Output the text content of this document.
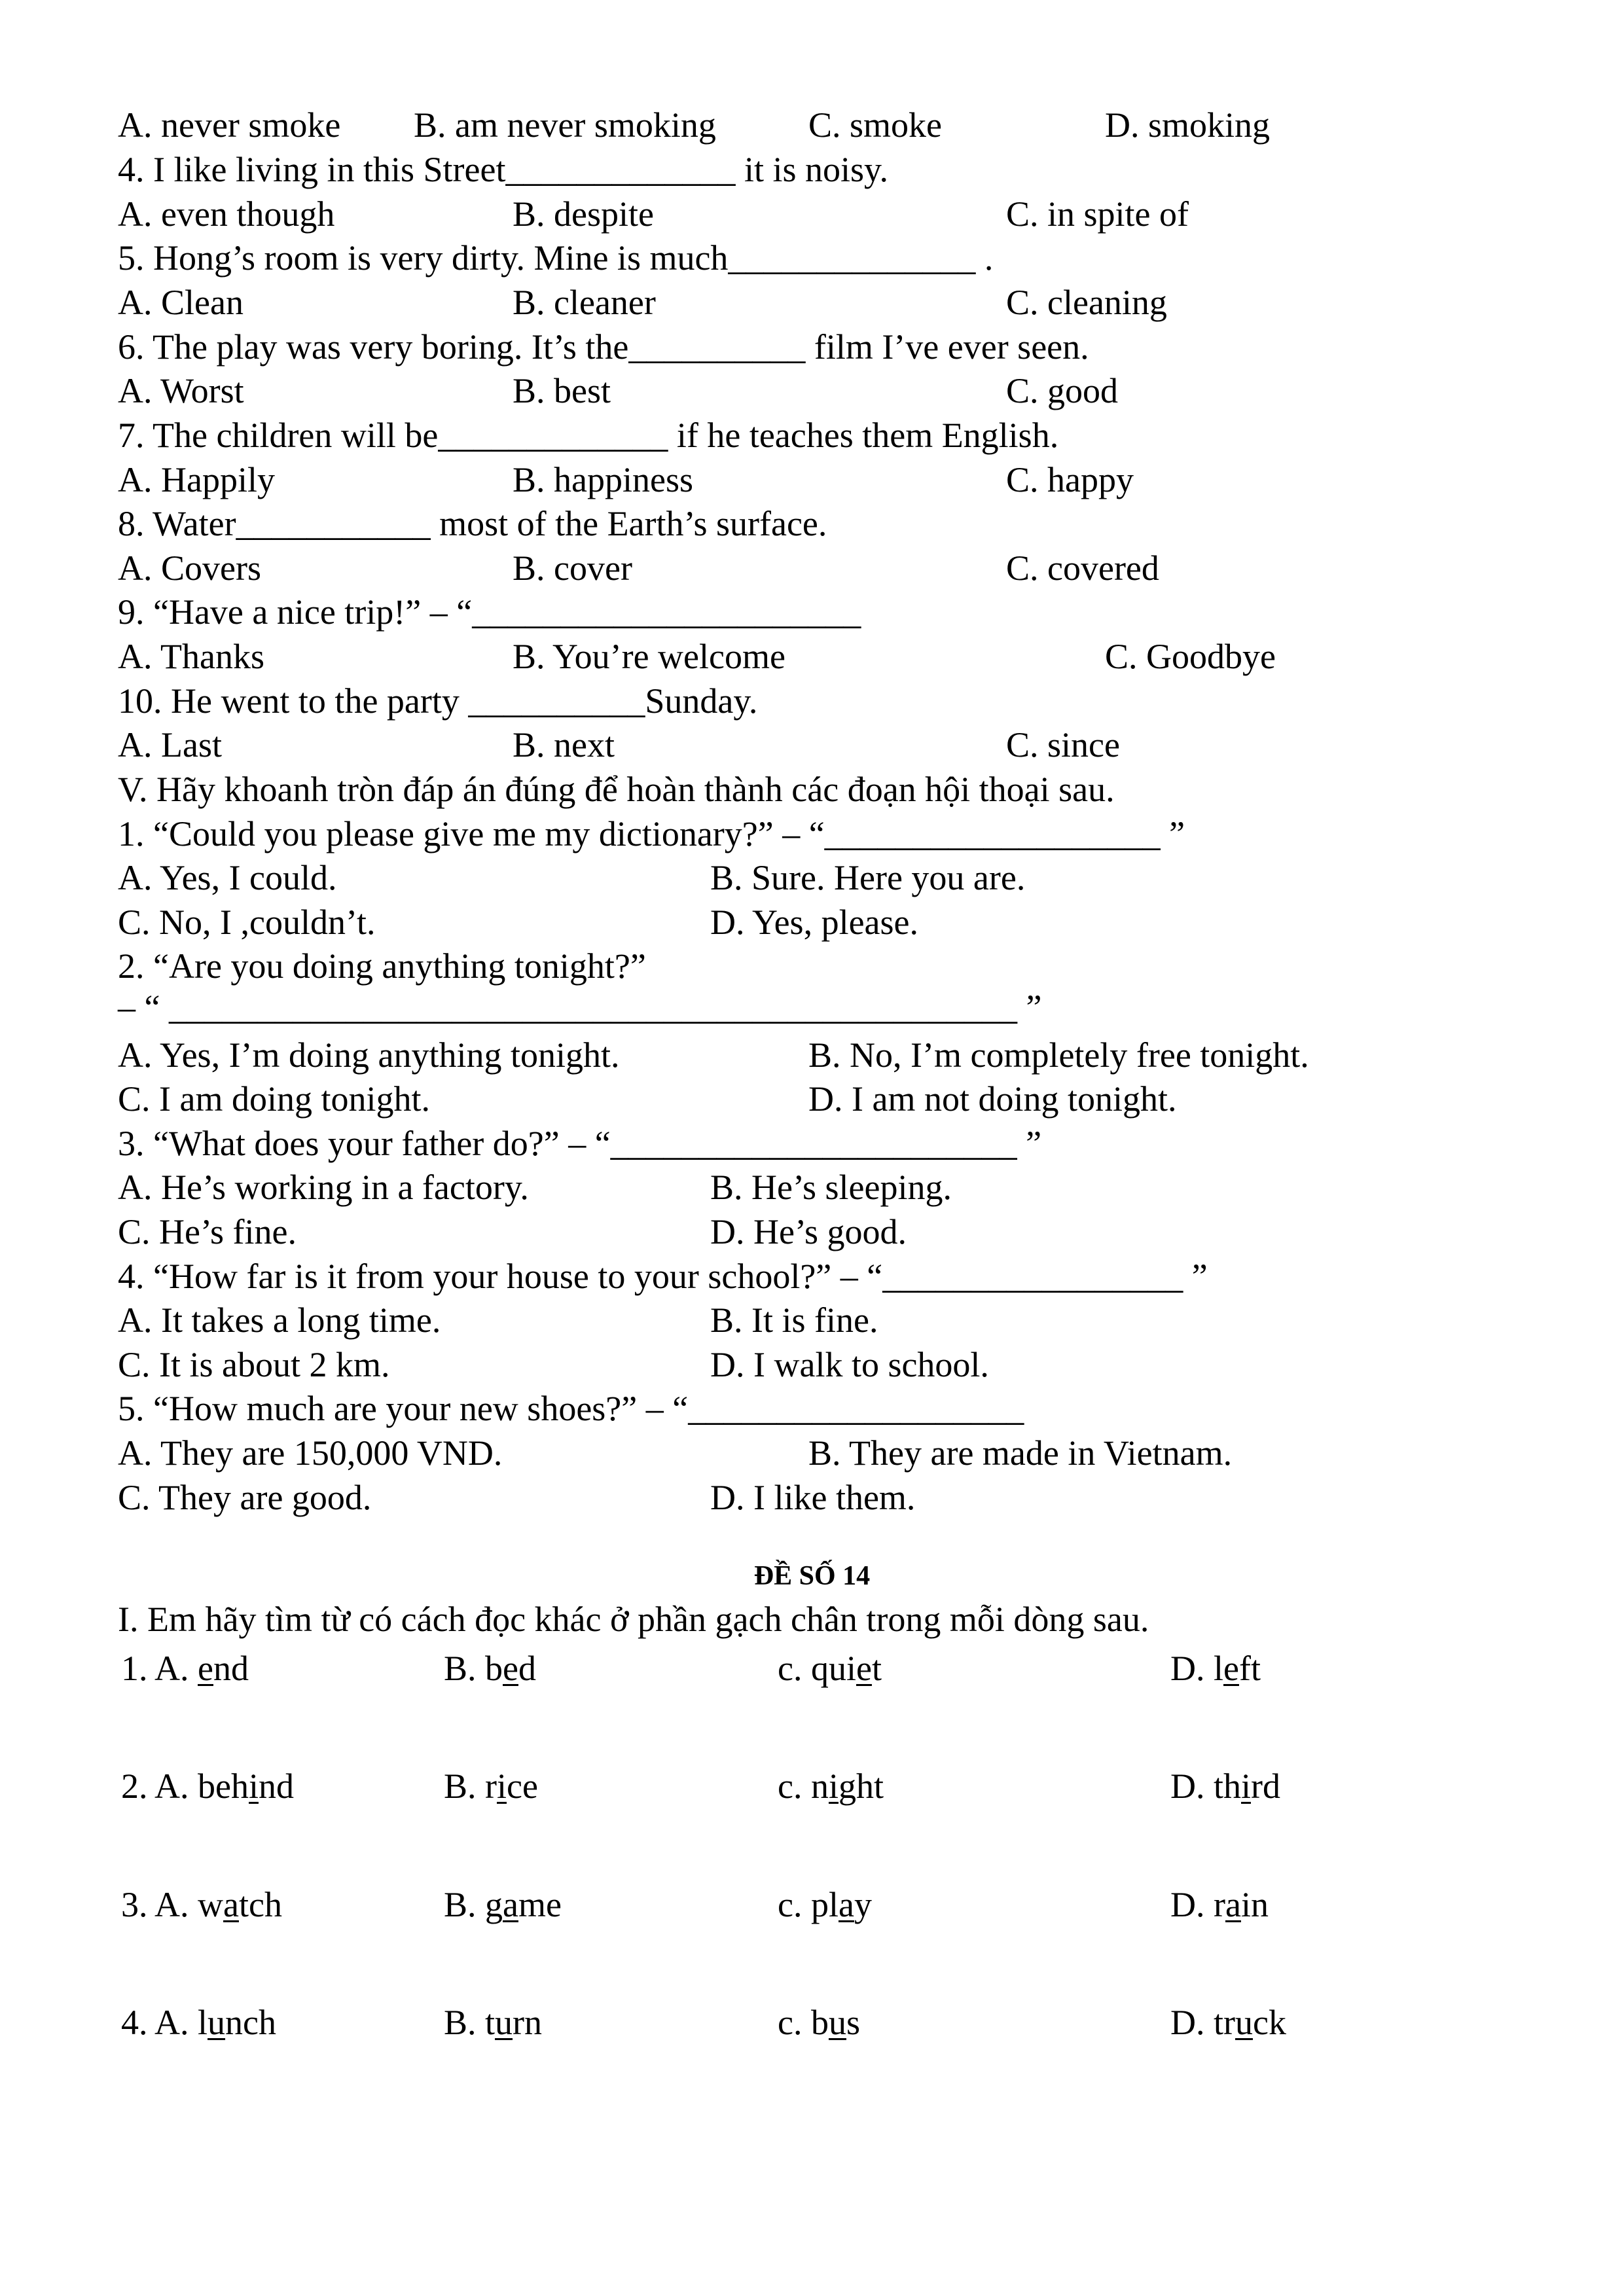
A. never smoke B. am never smoking	C. smoke	D. smoking
4. I like living in this Street_____________ it is noisy.
A. even though	B. despite	C. in spite of
5. Hong’s room is very dirty. Mine is much______________ .
A. Clean	B. cleaner	C. cleaning
6. The play was very boring. It’s the__________ film I’ve ever seen.
A. Worst	B. best	C. good
7. The children will be_____________ if he teaches them English.
A. Happily	B. happiness	C. happy
8. Water___________ most of the Earth’s surface.
A. Covers	B. cover	C. covered
9. “Have a nice trip!” – “______________________
A. Thanks	B. You’re welcome	C. Goodbye
10. He went to the party __________Sunday.
A. Last	B. next	C. since
V. Hãy khoanh tròn đáp án đúng để hoàn thành các đoạn hội thoại sau.
1. “Could you please give me my dictionary?” – “___________________ ”
A. Yes, I could.	B. Sure. Here you are.
C. No, I ,couldn’t.	D. Yes, please.
2. “Are you doing anything tonight?”
– “ ________________________________________________ ”
A. Yes, I’m doing anything tonight.	B. No, I’m completely free tonight.
C. I am doing tonight.	D. I am not doing tonight.
3. “What does your father do?” – “_______________________ ”
A. He’s working in a factory.	B. He’s sleeping.
C. He’s fine.	D. He’s good.
4. “How far is it from your house to your school?” – “_________________ ”
A. It takes a long time.	B. It is fine.
C. It is about 2 km.	D. I walk to school.
5. “How much are your new shoes?” – “___________________
A. They are 150,000 VND.	B. They are made in Vietnam.
C. They are good.	D. I like them.
ĐỀ SỐ 14
I. Em hãy tìm từ có cách đọc khác ở phần gạch chân trong mỗi dòng sau.
1. A. end	B. bed	c. quiet	D. left
2. A. behind	B. rice	c. night	D. third
3. A. watch	B. game	c. play	D. rain
4. A. lunch	B. turn	c. bus	D. truck
